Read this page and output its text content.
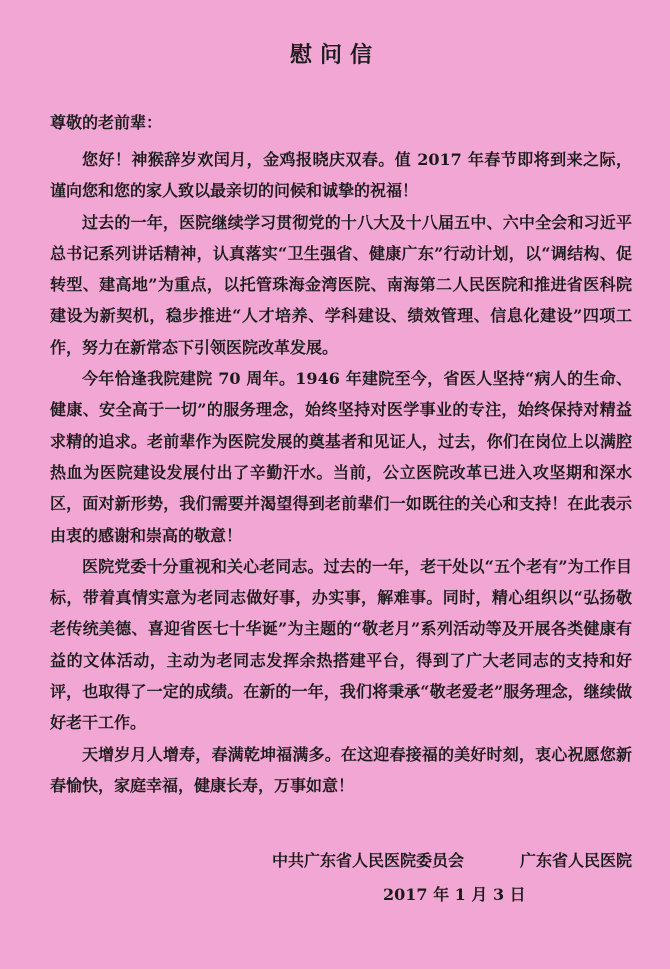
慰问信
尊敬的老前辈：

您好！神猴辞岁欢闰月，金鸡报晓庆双春。值 2017 年春节即将到来之际，谨向您和您的家人致以最亲切的问候和诚挚的祝福！

过去的一年，医院继续学习贯彻党的十八大及十八届五中、六中全会和习近平总书记系列讲话精神，认真落实“卫生强省、健康广东”行动计划，以“调结构、促转型、建高地”为重点，以托管珠海金湾医院、南海第二人民医院和推进省医科院建设为新契机，稳步推进“人才培养、学科建设、绩效管理、信息化建设”四项工作，努力在新常态下引领医院改革发展。

今年恰逢我院建院 70 周年。1946 年建院至今，省医人坚持“病人的生命、健康、安全高于一切”的服务理念，始终坚持对医学事业的专注，始终保持对精益求精的追求。老前辈作为医院发展的奠基者和见证人，过去，你们在岗位上以满腔热血为医院建设发展付出了辛勤汗水。当前，公立医院改革已进入攻坚期和深水区，面对新形势，我们需要并渴望得到老前辈们一如既往的关心和支持！在此表示由衷的感谢和崇高的敬意！

医院党委十分重视和关心老同志。过去的一年，老干处以“五个老有”为工作目标，带着真情实意为老同志做好事，办实事，解难事。同时，精心组织以“弘扬敬老传统美德、喜迎省医七十华诞”为主题的“敬老月”系列活动等及开展各类健康有益的文体活动，主动为老同志发挥余热搭建平台，得到了广大老同志的支持和好评，也取得了一定的成绩。在新的一年，我们将秉承“敬老爱老”服务理念，继续做好老干工作。

天增岁月人增寿，春满乾坤福满多。在这迎春接福的美好时刻，衷心祝愿您新春愉快，家庭幸福，健康长寿，万事如意！

中共广东省人民医院委员会	广东省人民医院
2017 年 1 月 3 日
